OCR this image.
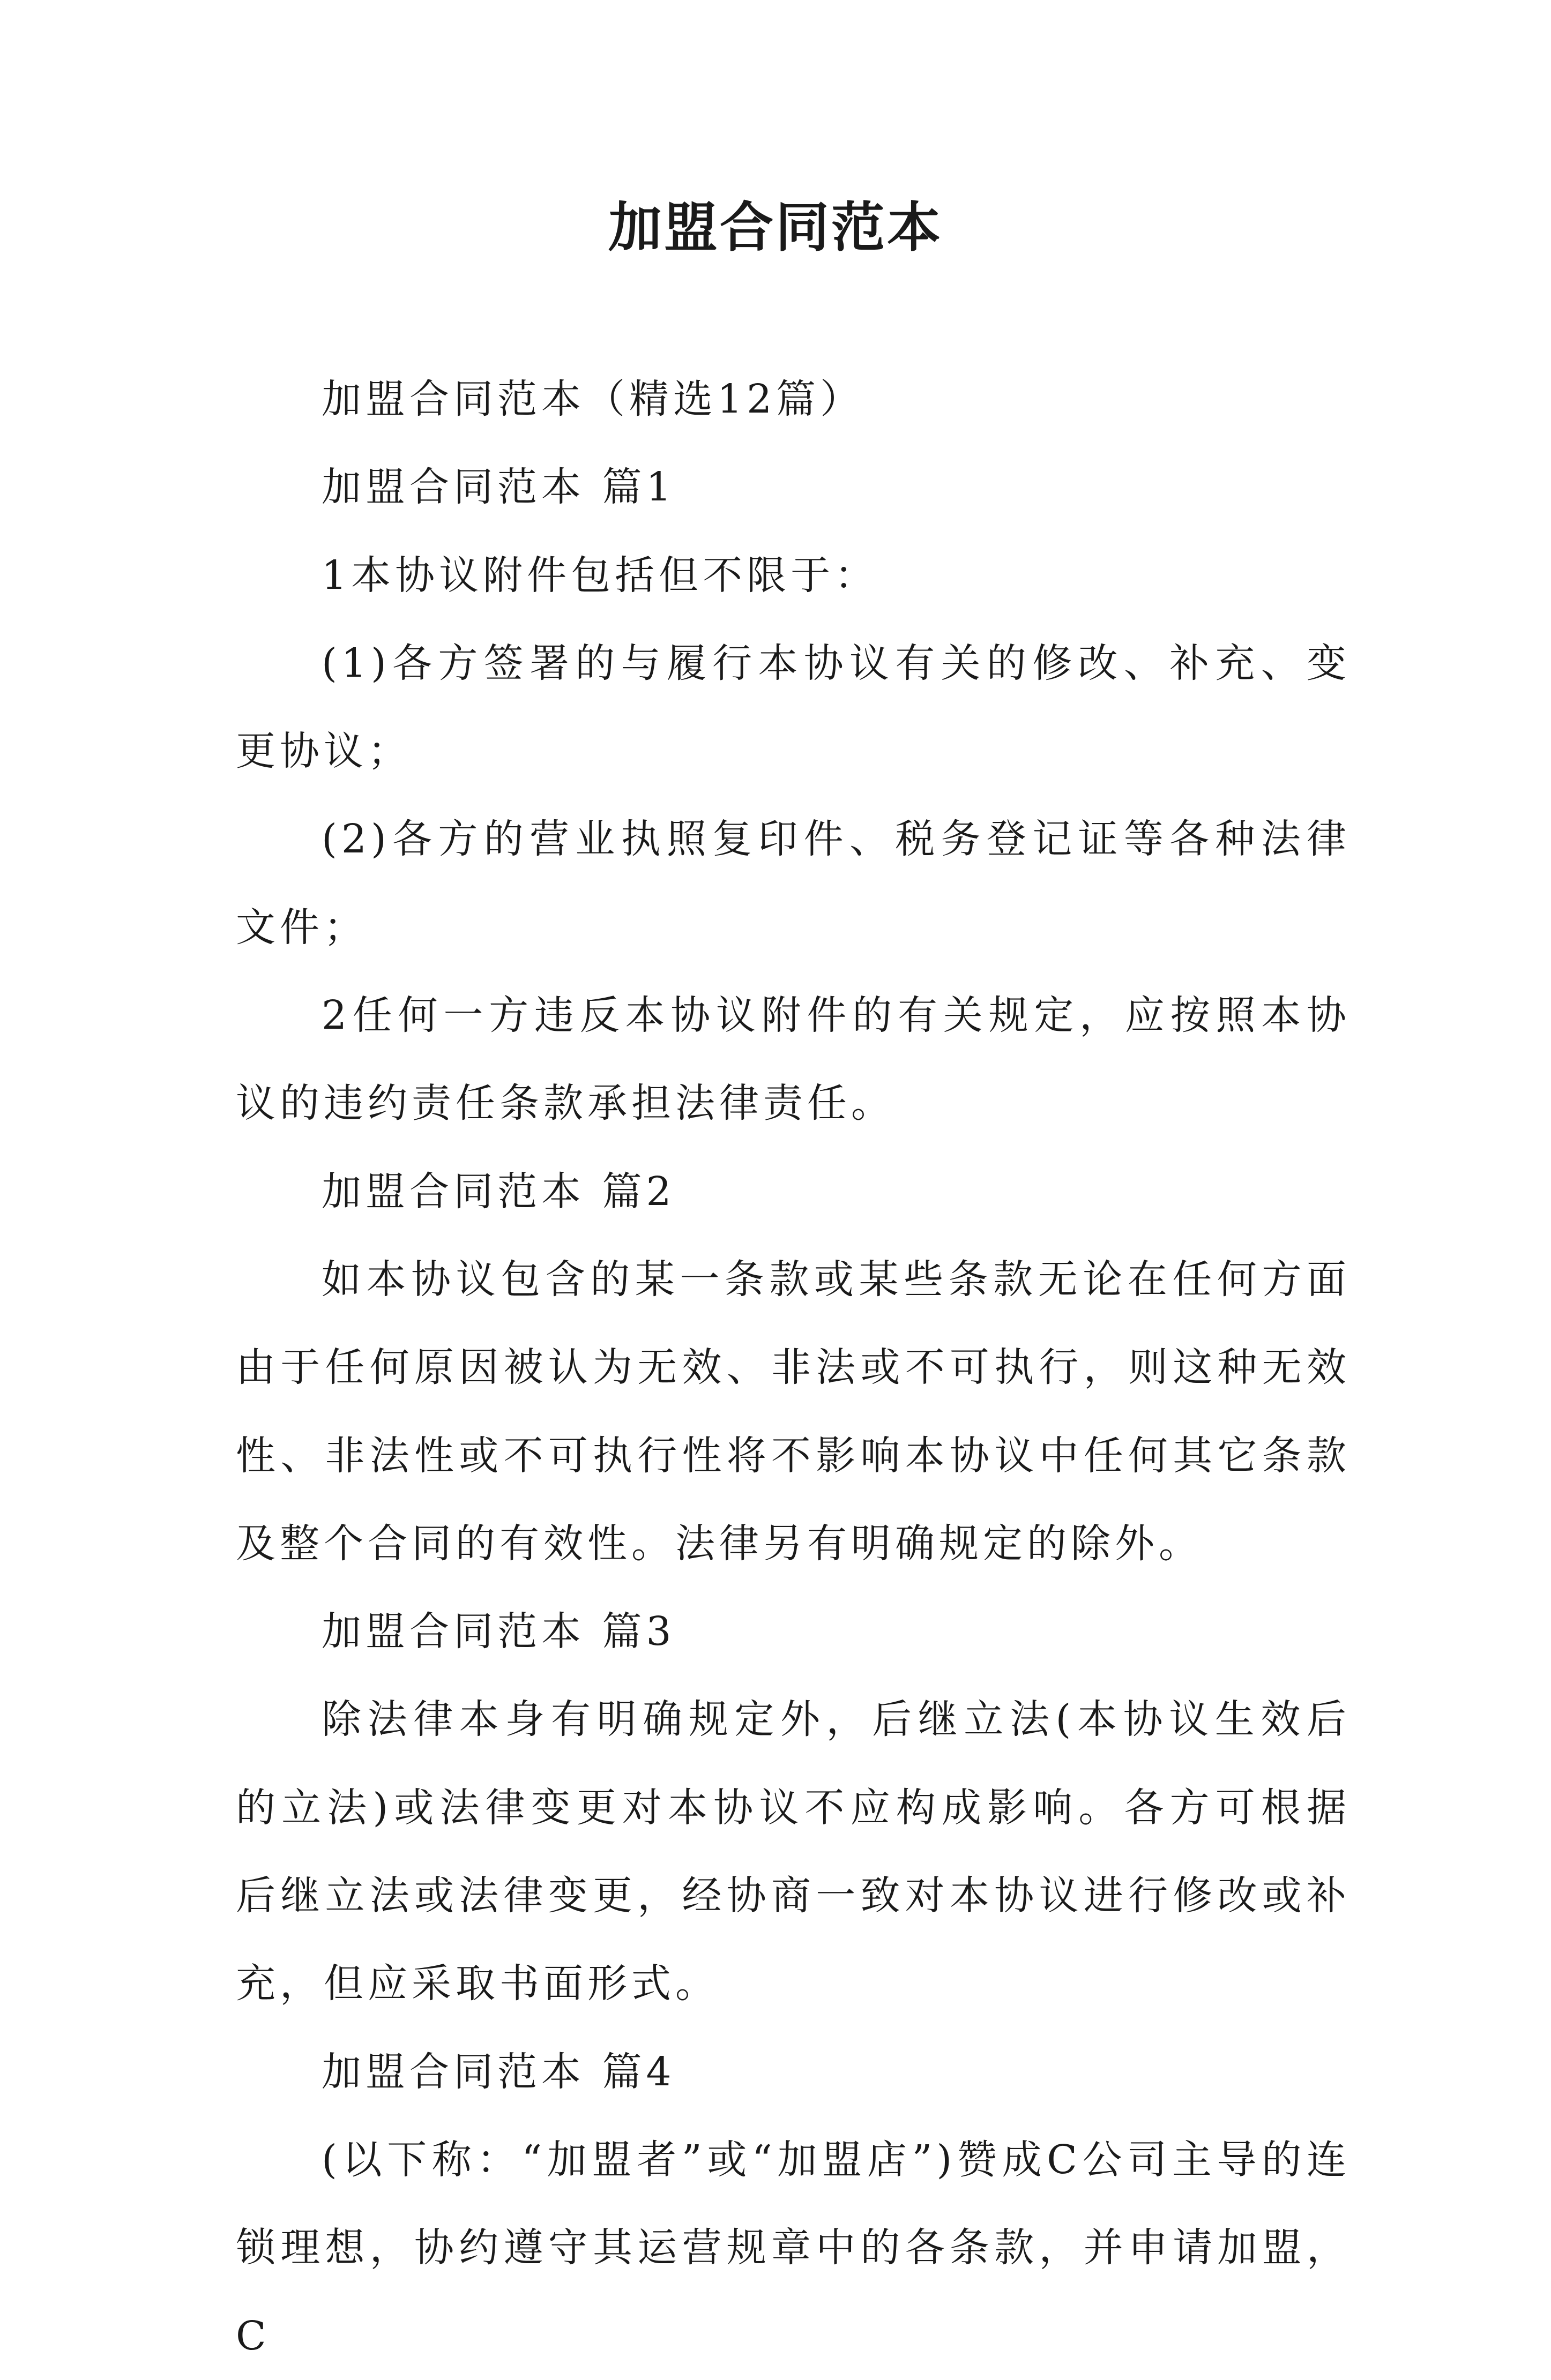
加盟合同范本

加盟合同范本（精选12篇）

加盟合同范本 篇1

1本协议附件包括但不限于：

(1)各方签署的与履行本协议有关的修改、补充、变更协议；

(2)各方的营业执照复印件、税务登记证等各种法律文件；

2任何一方违反本协议附件的有关规定，应按照本协议的违约责任条款承担法律责任。

加盟合同范本 篇2

如本协议包含的某一条款或某些条款无论在任何方面由于任何原因被认为无效、非法或不可执行，则这种无效性、非法性或不可执行性将不影响本协议中任何其它条款及整个合同的有效性。法律另有明确规定的除外。

加盟合同范本 篇3

除法律本身有明确规定外，后继立法(本协议生效后的立法)或法律变更对本协议不应构成影响。各方可根据后继立法或法律变更，经协商一致对本协议进行修改或补充，但应采取书面形式。

加盟合同范本 篇4

(以下称：“加盟者”或“加盟店”)赞成C公司主导的连锁理想，协约遵守其运营规章中的各条款，并申请加盟，C
